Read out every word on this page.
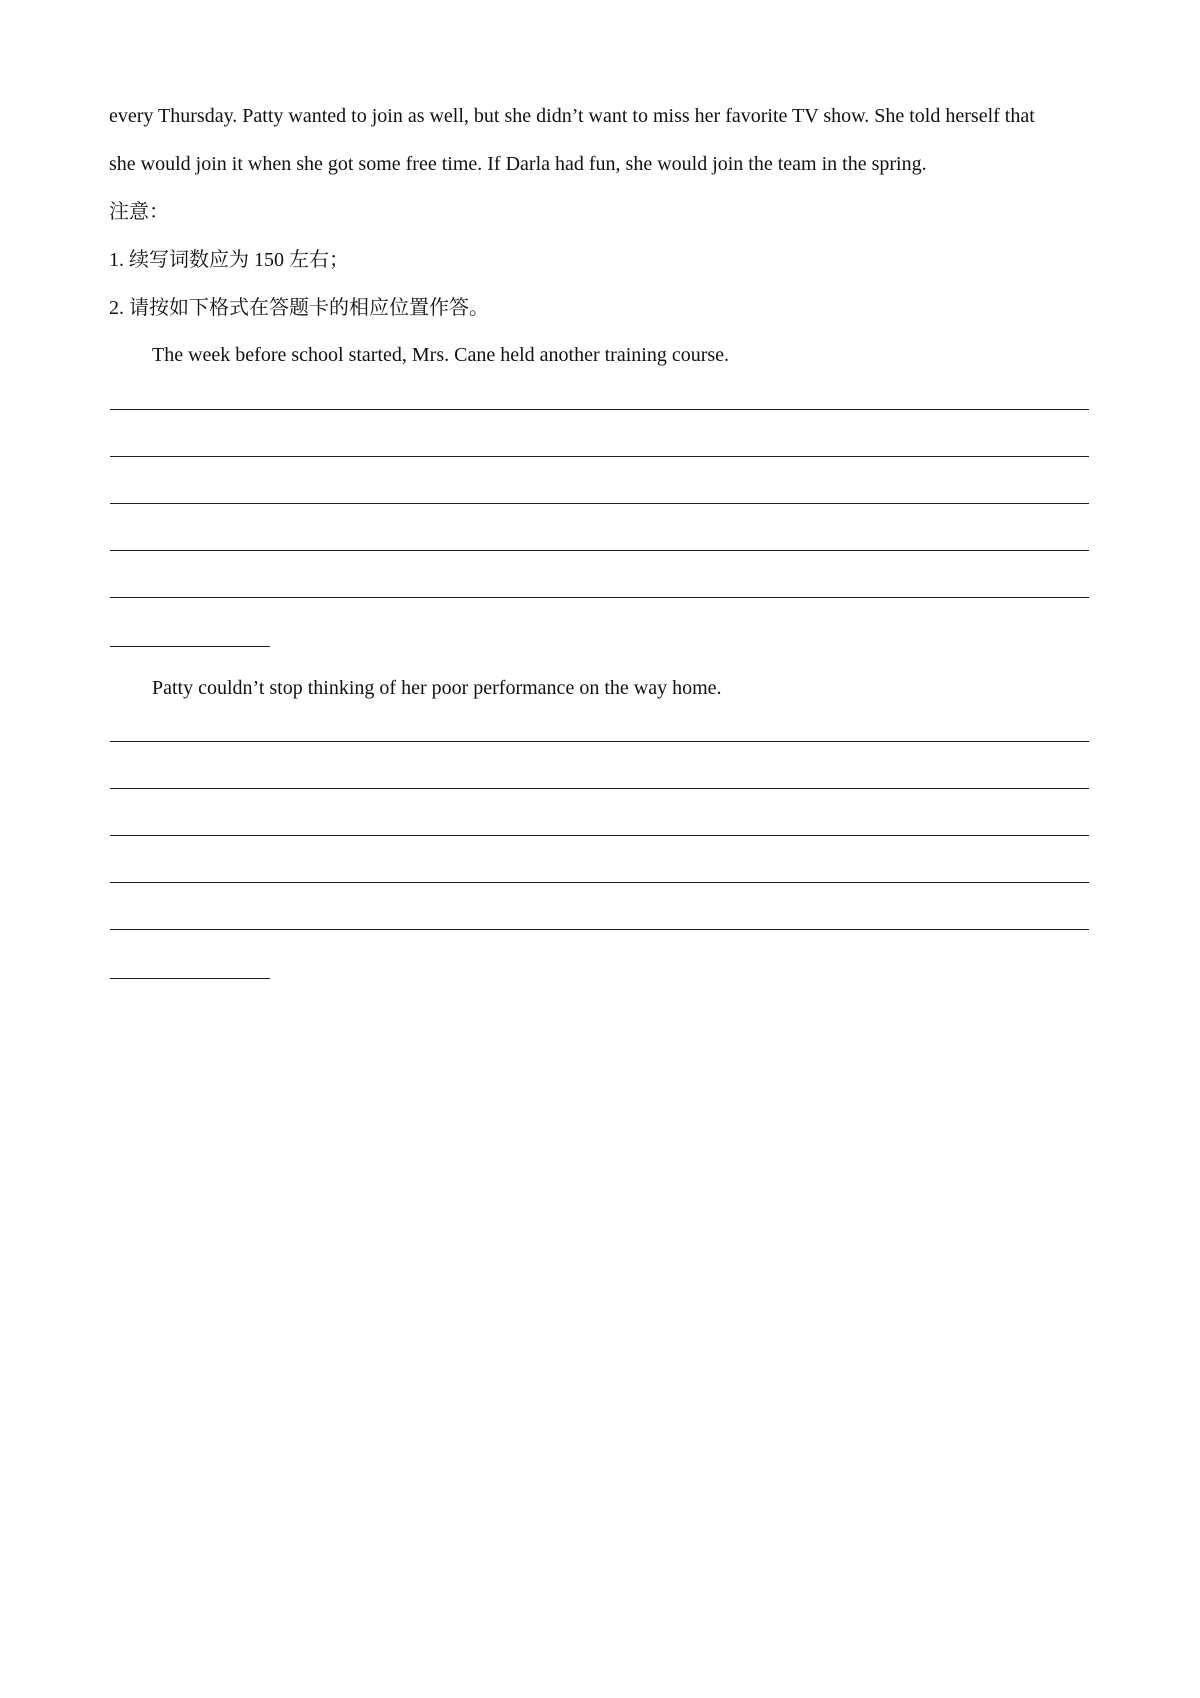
every Thursday. Patty wanted to join as well, but she didn’t want to miss her favorite TV show. She told herself that
she would join it when she got some free time. If Darla had fun, she would join the team in the spring.
注意：
1. 续写词数应为 150 左右；
2. 请按如下格式在答题卡的相应位置作答。
The week before school started, Mrs. Cane held another training course.
Patty couldn’t stop thinking of her poor performance on the way home.
